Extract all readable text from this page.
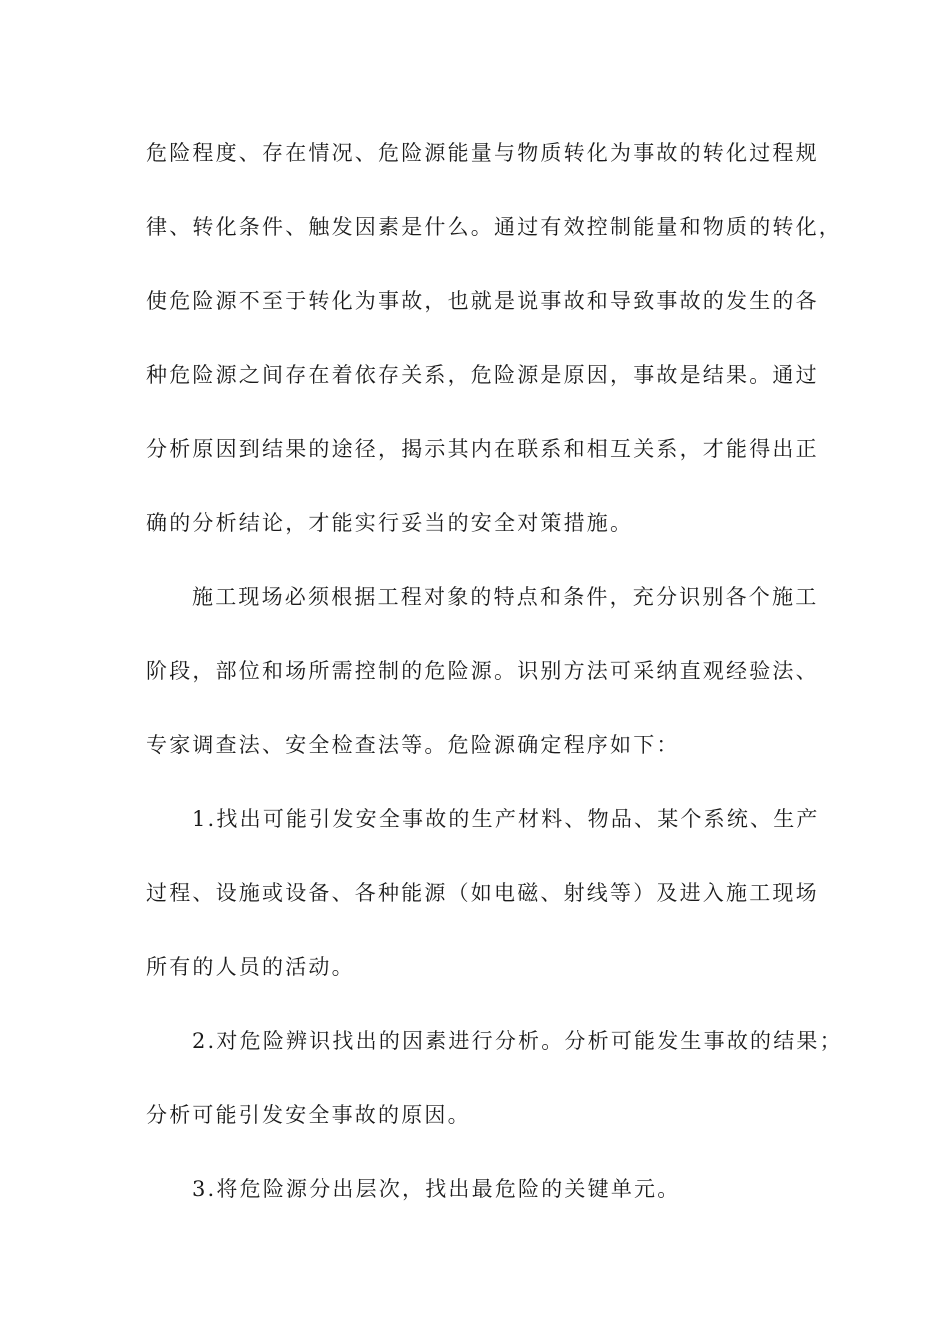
危险程度、存在情况、危险源能量与物质转化为事故的转化过程规
律、转化条件、触发因素是什么。通过有效控制能量和物质的转化，
使危险源不至于转化为事故，也就是说事故和导致事故的发生的各
种危险源之间存在着依存关系，危险源是原因，事故是结果。通过
分析原因到结果的途径，揭示其内在联系和相互关系，才能得出正
确的分析结论，才能实行妥当的安全对策措施。
施工现场必须根据工程对象的特点和条件，充分识别各个施工
阶段，部位和场所需控制的危险源。识别方法可采纳直观经验法、
专家调查法、安全检查法等。危险源确定程序如下：
1.找出可能引发安全事故的生产材料、物品、某个系统、生产
过程、设施或设备、各种能源（如电磁、射线等）及进入施工现场
所有的人员的活动。
2.对危险辨识找出的因素进行分析。分析可能发生事故的结果；
分析可能引发安全事故的原因。
3.将危险源分出层次，找出最危险的关键单元。
